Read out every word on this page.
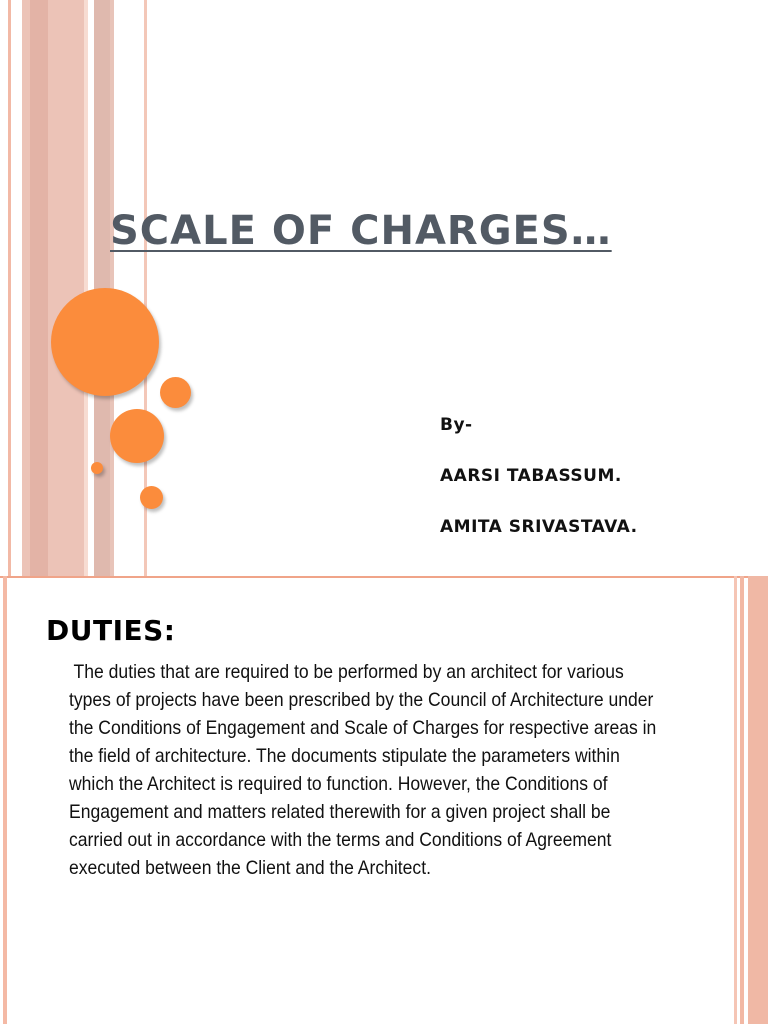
SCALE OF CHARGES…
By-
AARSI TABASSUM.
AMITA SRIVASTAVA.
DUTIES:
The duties that are required to be performed by an architect for various
types of projects have been prescribed by the Council of Architecture under
the Conditions of Engagement and Scale of Charges for respective areas in
the field of architecture. The documents stipulate the parameters within
which the Architect is required to function. However, the Conditions of
Engagement and matters related therewith for a given project shall be
carried out in accordance with the terms and Conditions of Agreement
executed between the Client and the Architect.
